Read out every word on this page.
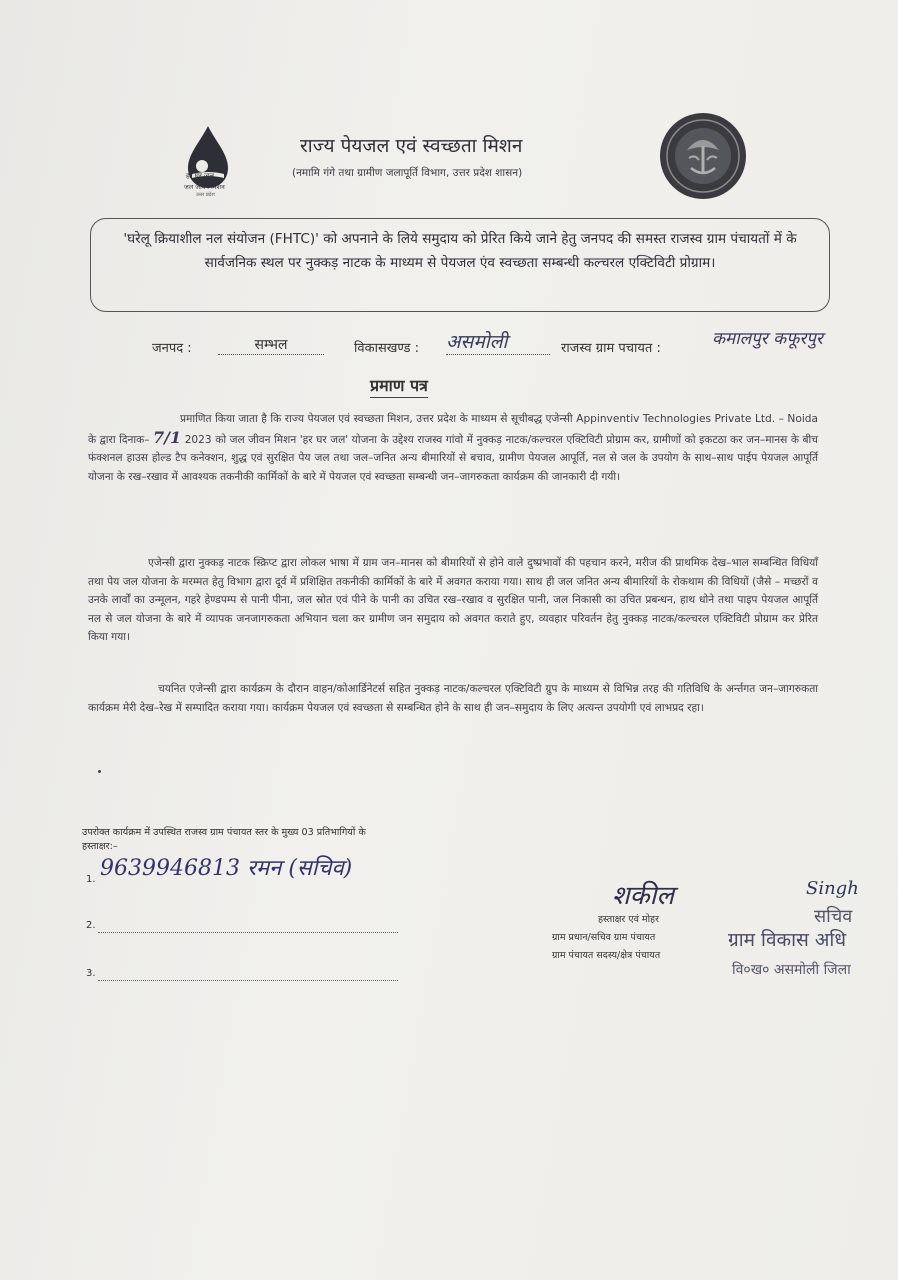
हर घर जल
जल जीवन मिशन
उत्तर प्रदेश
राज्य पेयजल एवं स्वच्छता मिशन
(नमामि गंगे तथा ग्रामीण जलापूर्ति विभाग, उत्तर प्रदेश शासन)

'घरेलू क्रियाशील नल संयोजन (FHTC)' को अपनाने के लिये समुदाय को प्रेरित किये जाने हेतु जनपद की समस्त राजस्व ग्राम पंचायतों में के सार्वजनिक स्थल पर नुक्कड़ नाटक के माध्यम से पेयजल एंव स्वच्छता सम्बन्धी कल्चरल एक्टिविटी प्रोग्राम।

जनपद :	सम्भल	विकासखण्ड : असमोली	राजस्व ग्राम पचायत :	कमालपुर कफूरपुर
प्रमाण पत्र
प्रमाणित किया जाता है कि राज्य पेयजल एवं स्वच्छता मिशन, उत्तर प्रदेश के माध्यम से सूचीबद्ध एजेन्सी Appinventiv Technologies Private Ltd. – Noida के द्वारा दिनाक– 7/1 2023 को जल जीवन मिशन 'हर घर जल' योजना के उद्देश्य राजस्व गांवो में नुक्कड़ नाटक/कल्चरल एक्टिविटी प्रोग्राम कर, ग्रामीणों को इकटठा कर जन–मानस के बीच फंक्शनल हाउस होल्ड टैप कनेक्शन, शुद्ध एवं सुरक्षित पेय जल तथा जल–जनित अन्य बीमारियों से बचाव, ग्रामीण पेयजल आपूर्ति, नल से जल के उपयोग के साथ–साथ पाईप पेयजल आपूर्ति योजना के रख–रखाव में आवश्यक तकनीकी कार्मिकों के बारे में पेयजल एवं स्वच्छता सम्बन्धी जन–जागरुकता कार्यक्रम की जानकारी दी गयी।
एजेन्सी द्वारा नुक्कड़ नाटक स्क्रिप्ट द्वारा लोकल भाषा में ग्राम जन–मानस को बीमारियों से होने वाले दुष्प्रभावों की पहचान करने, मरीज की प्राथमिक देख–भाल सम्बन्धित विधियाँ तथा पेय जल योजना के मरम्मत हेतु विभाग द्वारा दूर्व में प्रशिक्षित तकनीकी कार्मिकों के बारे में अवगत कराया गया। साथ ही जल जनित अन्य बीमारियों के रोकथाम की विधियों (जैसे – मच्छरों व उनके लार्वों का उन्मूलन, गहरे हेण्डपम्प से पानी पीना, जल स्रोत एवं पीने के पानी का उचित रख–रखाव व सुरक्षित पानी, जल निकासी का उचित प्रबन्धन, हाथ धोने तथा पाइप पेयजल आपूर्ति नल से जल योजना के बारे में व्यापक जनजागरुकता अभियान चला कर ग्रामीण जन समुदाय को अवगत कराते हुए, व्यवहार परिवर्तन हेतु नुक्कड़ नाटक/कल्चरल एक्टिविटी प्रोग्राम कर प्रेरित किया गया।
चयनित एजेन्सी द्वारा कार्यक्रम के दौरान वाहन/कोआर्डिनेटर्स सहित नुक्कड़ नाटक/कल्चरल एक्टिविटी ग्रुप के माध्यम से विभिन्न तरह की गतिविधि के अर्न्तगत जन–जागरुकता कार्यक्रम मेरी देख–रेख में सम्पादित कराया गया। कार्यक्रम पेयजल एवं स्वच्छता से सम्बन्धित होने के साथ ही जन–समुदाय के लिए अत्यन्त उपयोगी एवं लाभप्रद रहा।
उपरोक्त कार्यक्रम में उपस्थित राजस्व ग्राम पंचायत स्तर के मुख्य 03 प्रतिभागियों के
हस्ताक्षर:–
1. 9639946813 रमन (सचिव)
2.
3.
शकील
हस्ताक्षर एवं मोहर
Singh
सचिव
ग्राम प्रधान/सचिव ग्राम पंचायत
ग्राम पंचायत सदस्य/क्षेत्र पंचायत
ग्राम विकास अधि
वि०ख० असमोली जिला
